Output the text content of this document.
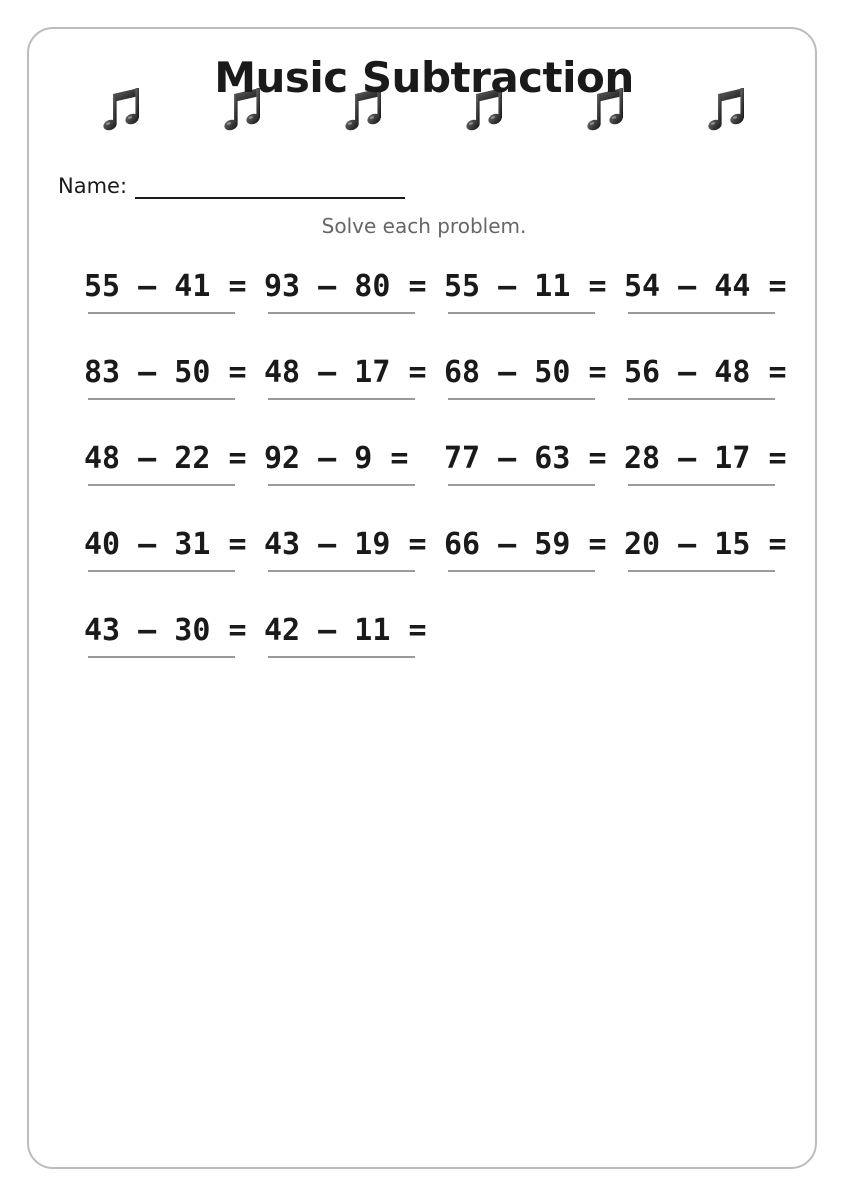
Music Subtraction
Name:
Solve each problem.
55 – 41 = 93 – 80 = 55 – 11 = 54 – 44 =
83 – 50 = 48 – 17 = 68 – 50 = 56 – 48 =
48 – 22 = 92 – 9 = 77 – 63 = 28 – 17 =
40 – 31 = 43 – 19 = 66 – 59 = 20 – 15 =
43 – 30 = 42 – 11 =
